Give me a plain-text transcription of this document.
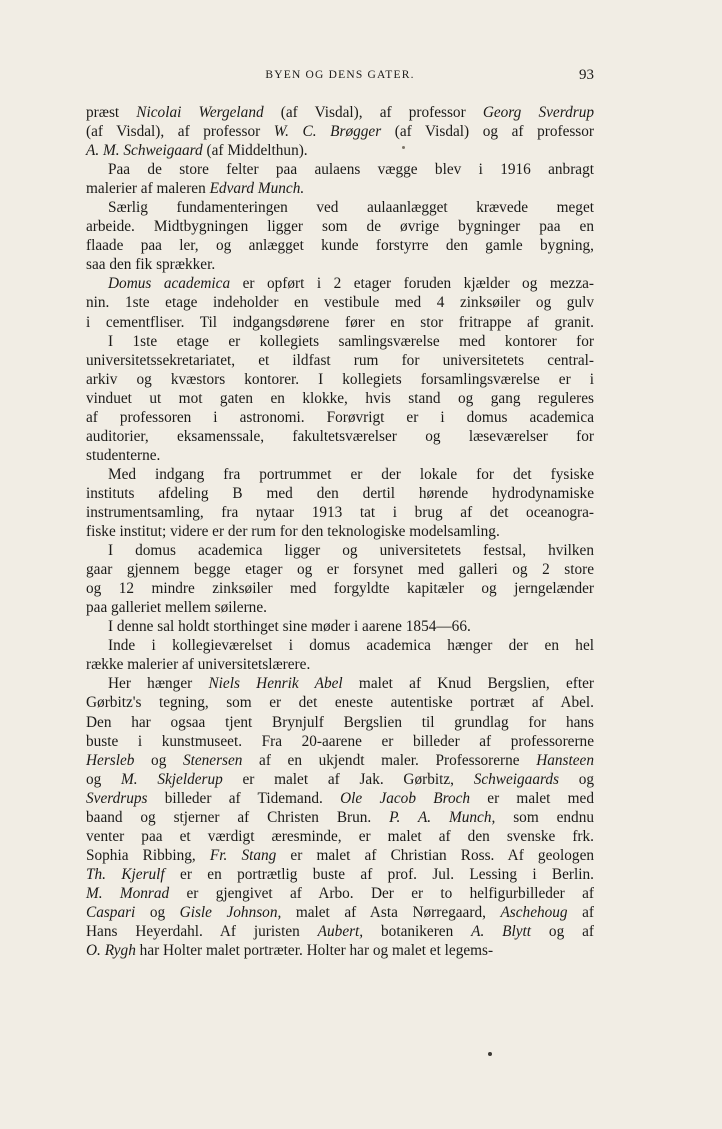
BYEN OG DENS GATER.	93
præst Nicolai Wergeland (af Visdal), af professor Georg Sverdrup
(af Visdal), af professor W. C. Brøgger (af Visdal) og af professor
A. M. Schweigaard (af Middelthun).
Paa de store felter paa aulaens vægge blev i 1916 anbragt
malerier af maleren Edvard Munch.
Særlig fundamenteringen ved aulaanlægget krævede meget
arbeide. Midtbygningen ligger som de øvrige bygninger paa en
flaade paa ler, og anlægget kunde forstyrre den gamle bygning,
saa den fik sprækker.
Domus academica er opført i 2 etager foruden kjælder og mezza-
nin. 1ste etage indeholder en vestibule med 4 zinksøiler og gulv
i cementfliser. Til indgangsdørene fører en stor fritrappe af granit.
I 1ste etage er kollegiets samlingsværelse med kontorer for
universitetssekretariatet, et ildfast rum for universitetets central-
arkiv og kvæstors kontorer. I kollegiets forsamlingsværelse er i
vinduet ut mot gaten en klokke, hvis stand og gang reguleres
af professoren i astronomi. Forøvrigt er i domus academica
auditorier, eksamenssale, fakultetsværelser og læseværelser for
studenterne.
Med indgang fra portrummet er der lokale for det fysiske
instituts afdeling B med den dertil hørende hydrodynamiske
instrumentsamling, fra nytaar 1913 tat i brug af det oceanogra-
fiske institut; videre er der rum for den teknologiske modelsamling.
I domus academica ligger og universitetets festsal, hvilken
gaar gjennem begge etager og er forsynet med galleri og 2 store
og 12 mindre zinksøiler med forgyldte kapitæler og jerngelænder
paa galleriet mellem søilerne.
I denne sal holdt storthinget sine møder i aarene 1854—66.
Inde i kollegieværelset i domus academica hænger der en hel
række malerier af universitetslærere.
Her hænger Niels Henrik Abel malet af Knud Bergslien, efter
Gørbitz's tegning, som er det eneste autentiske portræt af Abel.
Den har ogsaa tjent Brynjulf Bergslien til grundlag for hans
buste i kunstmuseet. Fra 20-aarene er billeder af professorerne
Hersleb og Stenersen af en ukjendt maler. Professorerne Hansteen
og M. Skjelderup er malet af Jak. Gørbitz, Schweigaards og
Sverdrups billeder af Tidemand. Ole Jacob Broch er malet med
baand og stjerner af Christen Brun. P. A. Munch, som endnu
venter paa et værdigt æresminde, er malet af den svenske frk.
Sophia Ribbing, Fr. Stang er malet af Christian Ross. Af geologen
Th. Kjerulf er en portrætlig buste af prof. Jul. Lessing i Berlin.
M. Monrad er gjengivet af Arbo. Der er to helfigurbilleder af
Caspari og Gisle Johnson, malet af Asta Nørregaard, Aschehoug af
Hans Heyerdahl. Af juristen Aubert, botanikeren A. Blytt og af
O. Rygh har Holter malet portræter. Holter har og malet et legems-
